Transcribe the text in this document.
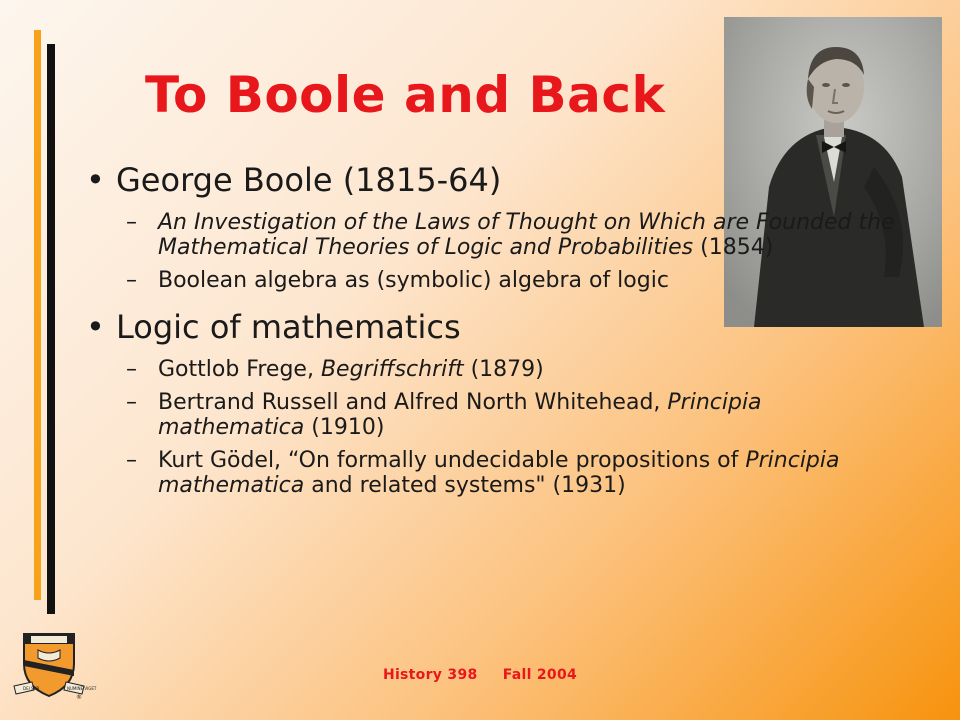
To Boole and Back
• George Boole (1815-64)
– An Investigation of the Laws of Thought on Which are Founded the Mathematical Theories of Logic and Probabilities (1854)
– Boolean algebra as (symbolic) algebra of logic
• Logic of mathematics
– Gottlob Frege, Begriffschrift (1879)
– Bertrand Russell and Alfred North Whitehead, Principia mathematica (1910)
– Kurt Gödel, “On formally undecidable propositions of Principia mathematica and related systems" (1931)
History 398 Fall 2004
DEI SUB	NUMINE VIGET
®
